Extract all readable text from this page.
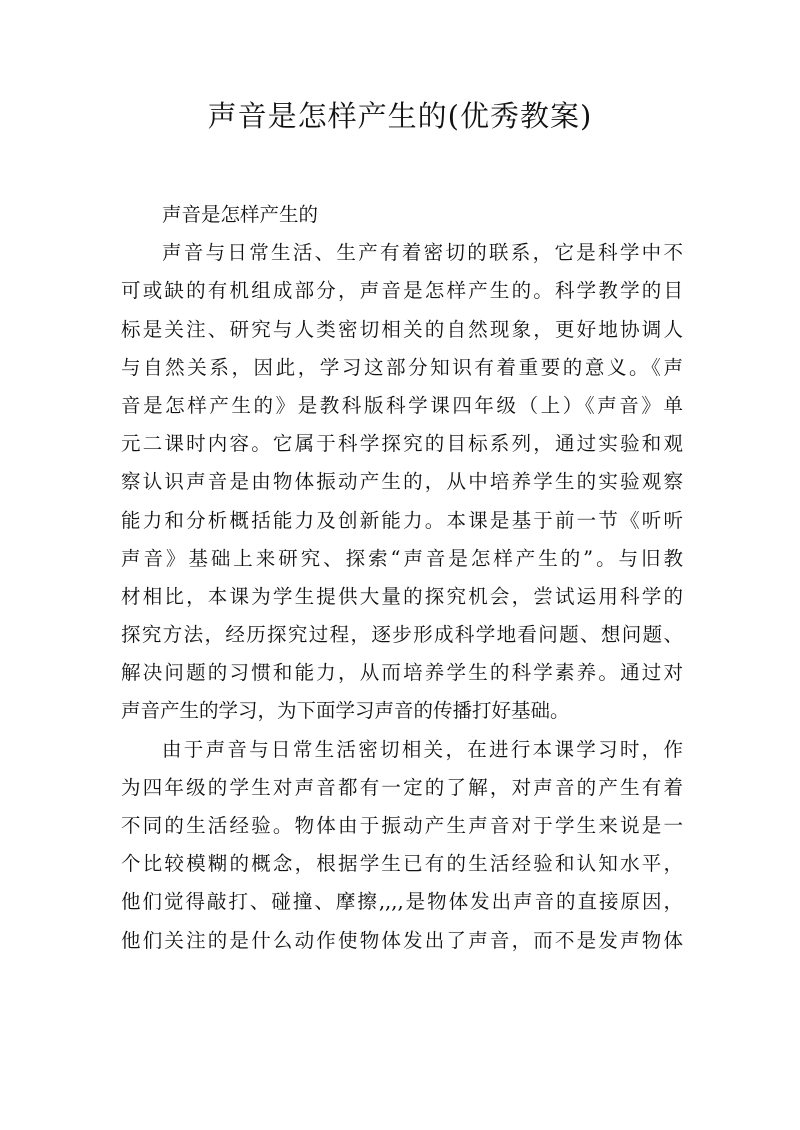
声音是怎样产生的(优秀教案)
声音是怎样产生的
声音与日常生活、生产有着密切的联系，它是科学中不
可或缺的有机组成部分，声音是怎样产生的。科学教学的目
标是关注、研究与人类密切相关的自然现象，更好地协调人
与自然关系，因此，学习这部分知识有着重要的意义。《声
音是怎样产生的》是教科版科学课四年级（上）《声音》单
元二课时内容。它属于科学探究的目标系列，通过实验和观
察认识声音是由物体振动产生的，从中培养学生的实验观察
能力和分析概括能力及创新能力。本课是基于前一节《听听
声音》基础上来研究、探索“声音是怎样产生的”。与旧教
材相比，本课为学生提供大量的探究机会，尝试运用科学的
探究方法，经历探究过程，逐步形成科学地看问题、想问题、
解决问题的习惯和能力，从而培养学生的科学素养。通过对
声音产生的学习，为下面学习声音的传播打好基础。
由于声音与日常生活密切相关，在进行本课学习时，作
为四年级的学生对声音都有一定的了解，对声音的产生有着
不同的生活经验。物体由于振动产生声音对于学生来说是一
个比较模糊的概念，根据学生已有的生活经验和认知水平，
他们觉得敲打、碰撞、摩擦,,,,是物体发出声音的直接原因，
他们关注的是什么动作使物体发出了声音，而不是发声物体
